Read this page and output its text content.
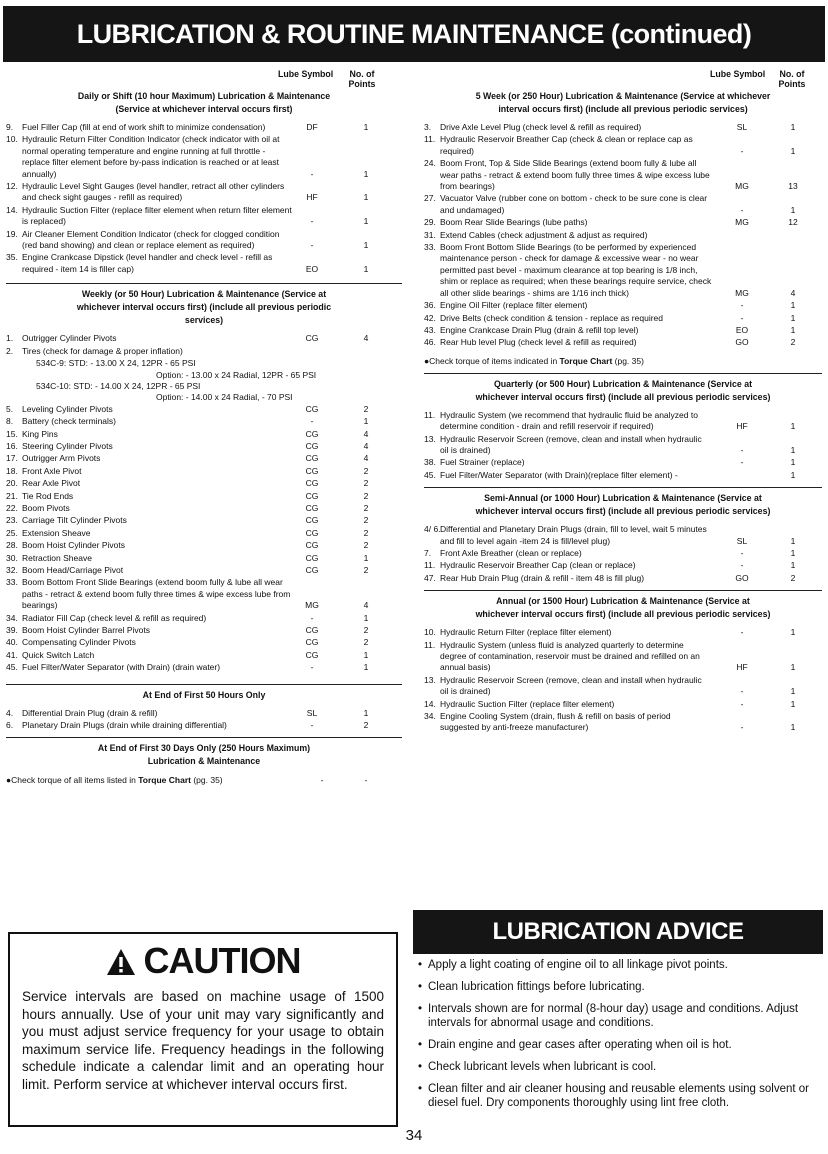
LUBRICATION & ROUTINE MAINTENANCE (continued)
Lube Symbol	No. of Points
Daily or Shift (10 hour Maximum) Lubrication & Maintenance (Service at whichever interval occurs first)
9.	Fuel Filler Cap (fill at end of work shift to minimize condensation)	DF	1
10. Hydraulic Return Filter Condition Indicator (check indicator with oil at normal operating temperature and engine running at full throttle - replace filter element before by-pass indication is reached or at least annually)	-	1
12. Hydraulic Level Sight Gauges (level handler, retract all other cylinders and check sight gauges - refill as required)	HF	1
14. Hydraulic Suction Filter (replace filter element when return filter element is replaced)	-	1
19. Air Cleaner Element Condition Indicator (check for clogged condition (red band showing) and clean or replace element as required)	-	1
35. Engine Crankcase Dipstick (level handler and check level - refill as required - item 14 is filler cap)	EO	1
Weekly (or 50 Hour) Lubrication & Maintenance (Service at whichever interval occurs first) (include all previous periodic services)
1.	Outrigger Cylinder Pivots	CG	4
2.	Tires (check for damage & proper inflation)
534C-9: STD: - 13.00 X 24, 12PR - 65 PSI
Option: - 13.00 x 24 Radial, 12PR - 65 PSI
534C-10: STD: - 14.00 X 24, 12PR - 65 PSI
Option: - 14.00 x 24 Radial, - 70 PSI
5.	Leveling Cylinder Pivots	CG	2
8.	Battery (check terminals)	-	1
15. King Pins	CG	4
16. Steering Cylinder Pivots	CG	4
17. Outrigger Arm Pivots	CG	4
18. Front Axle Pivot	CG	2
20. Rear Axle Pivot	CG	2
21. Tie Rod Ends	CG	2
22. Boom Pivots	CG	2
23. Carriage Tilt Cylinder Pivots	CG	2
25. Extension Sheave	CG	2
28. Boom Hoist Cylinder Pivots	CG	2
30. Retraction Sheave	CG	1
32. Boom Head/Carriage Pivot	CG	2
33. Boom Bottom Front Slide Bearings (extend boom fully & lube all wear paths - retract & extend boom fully three times & wipe excess lube from bearings)	MG	4
34. Radiator Fill Cap (check level & refill as required)	-	1
39. Boom Hoist Cylinder Barrel Pivots	CG	2
40. Compensating Cylinder Pivots	CG	2
41. Quick Switch Latch	CG	1
45. Fuel Filter/Water Separator (with Drain) (drain water)	-	1
At End of First 50 Hours Only
4.	Differential Drain Plug (drain & refill)	SL	1
6.	Planetary Drain Plugs (drain while draining differential)	-	2
At End of First 30 Days Only (250 Hours Maximum) Lubrication & Maintenance
●Check torque of all items listed in Torque Chart (pg. 35)	-	-
Lube Symbol	No. of Points
5 Week (or 250 Hour) Lubrication & Maintenance (Service at whichever interval occurs first) (include all previous periodic services)
3.	Drive Axle Level Plug (check level & refill as required)	SL	1
11. Hydraulic Reservoir Breather Cap (check & clean or replace cap as required)	-	1
24. Boom Front, Top & Side Slide Bearings (extend boom fully & lube all wear paths - retract & extend boom fully three times & wipe excess lube from bearings)	MG	13
27. Vacuator Valve (rubber cone on bottom - check to be sure cone is clear and undamaged)	-	1
29. Boom Rear Slide Bearings (lube paths)	MG	12
31. Extend Cables (check adjustment & adjust as required)
33. Boom Front Bottom Slide Bearings (to be performed by experienced maintenance person - check for damage & excessive wear - no wear permitted past bevel - maximum clearance at top bearing is 1/8 inch, shim or replace as required; when these bearings require service, check all other slide bearings - shims are 1/16 inch thick)	MG	4
36. Engine Oil Filter (replace filter element)	-	1
42. Drive Belts (check condition & tension - replace as required	-	1
43. Engine Crankcase Drain Plug (drain & refill top level)	EO	1
46. Rear Hub level Plug (check level & refill as required)	GO	2
●Check torque of items indicated in Torque Chart (pg. 35)
Quarterly (or 500 Hour) Lubrication & Maintenance (Service at whichever interval occurs first) (include all previous periodic services)
11. Hydraulic System (we recommend that hydraulic fluid be analyzed to determine condition - drain and refill reservoir if required)	HF	1
13. Hydraulic Reservoir Screen (remove, clean and install when hydraulic oil is drained)	-	1
38. Fuel Strainer (replace)	-	1
45. Fuel Filter/Water Separator (with Drain)(replace filter element) -	1
Semi-Annual (or 1000 Hour) Lubrication & Maintenance (Service at whichever interval occurs first) (include all previous periodic services)
4/ 6. Differential and Planetary Drain Plugs (drain, fill to level, wait 5 minutes and fill to level again -item 24 is fill/level plug)	SL	1
7.	Front Axle Breather (clean or replace)	-	1
11. Hydraulic Reservoir Breather Cap (clean or replace)	-	1
47. Rear Hub Drain Plug (drain & refill - item 48 is fill plug)	GO	2
Annual (or 1500 Hour) Lubrication & Maintenance (Service at whichever interval occurs first) (include all previous periodic services)
10. Hydraulic Return Filter (replace filter element)	-	1
11. Hydraulic System (unless fluid is analyzed quarterly to determine degree of contamination, reservoir must be drained and refilled on an annual basis)	HF	1
13. Hydraulic Reservoir Screen (remove, clean and install when hydraulic oil is drained)	-	1
14. Hydraulic Suction Filter (replace filter element)	-	1
34. Engine Cooling System (drain, flush & refill on basis of period suggested by anti-freeze manufacturer)	-	1
CAUTION
Service intervals are based on machine usage of 1500 hours annually. Use of your unit may vary significantly and you must adjust service frequency for your usage to obtain maximum service life. Frequency headings in the following schedule indicate a calendar limit and an operating hour limit. Perform service at whichever interval occurs first.
LUBRICATION ADVICE
• Apply a light coating of engine oil to all linkage pivot points.
• Clean lubrication fittings before lubricating.
• Intervals shown are for normal (8-hour day) usage and conditions. Adjust intervals for abnormal usage and conditions.
• Drain engine and gear cases after operating when oil is hot.
• Check lubricant levels when lubricant is cool.
• Clean filter and air cleaner housing and reusable elements using solvent or diesel fuel. Dry components thoroughly using lint free cloth.
34
